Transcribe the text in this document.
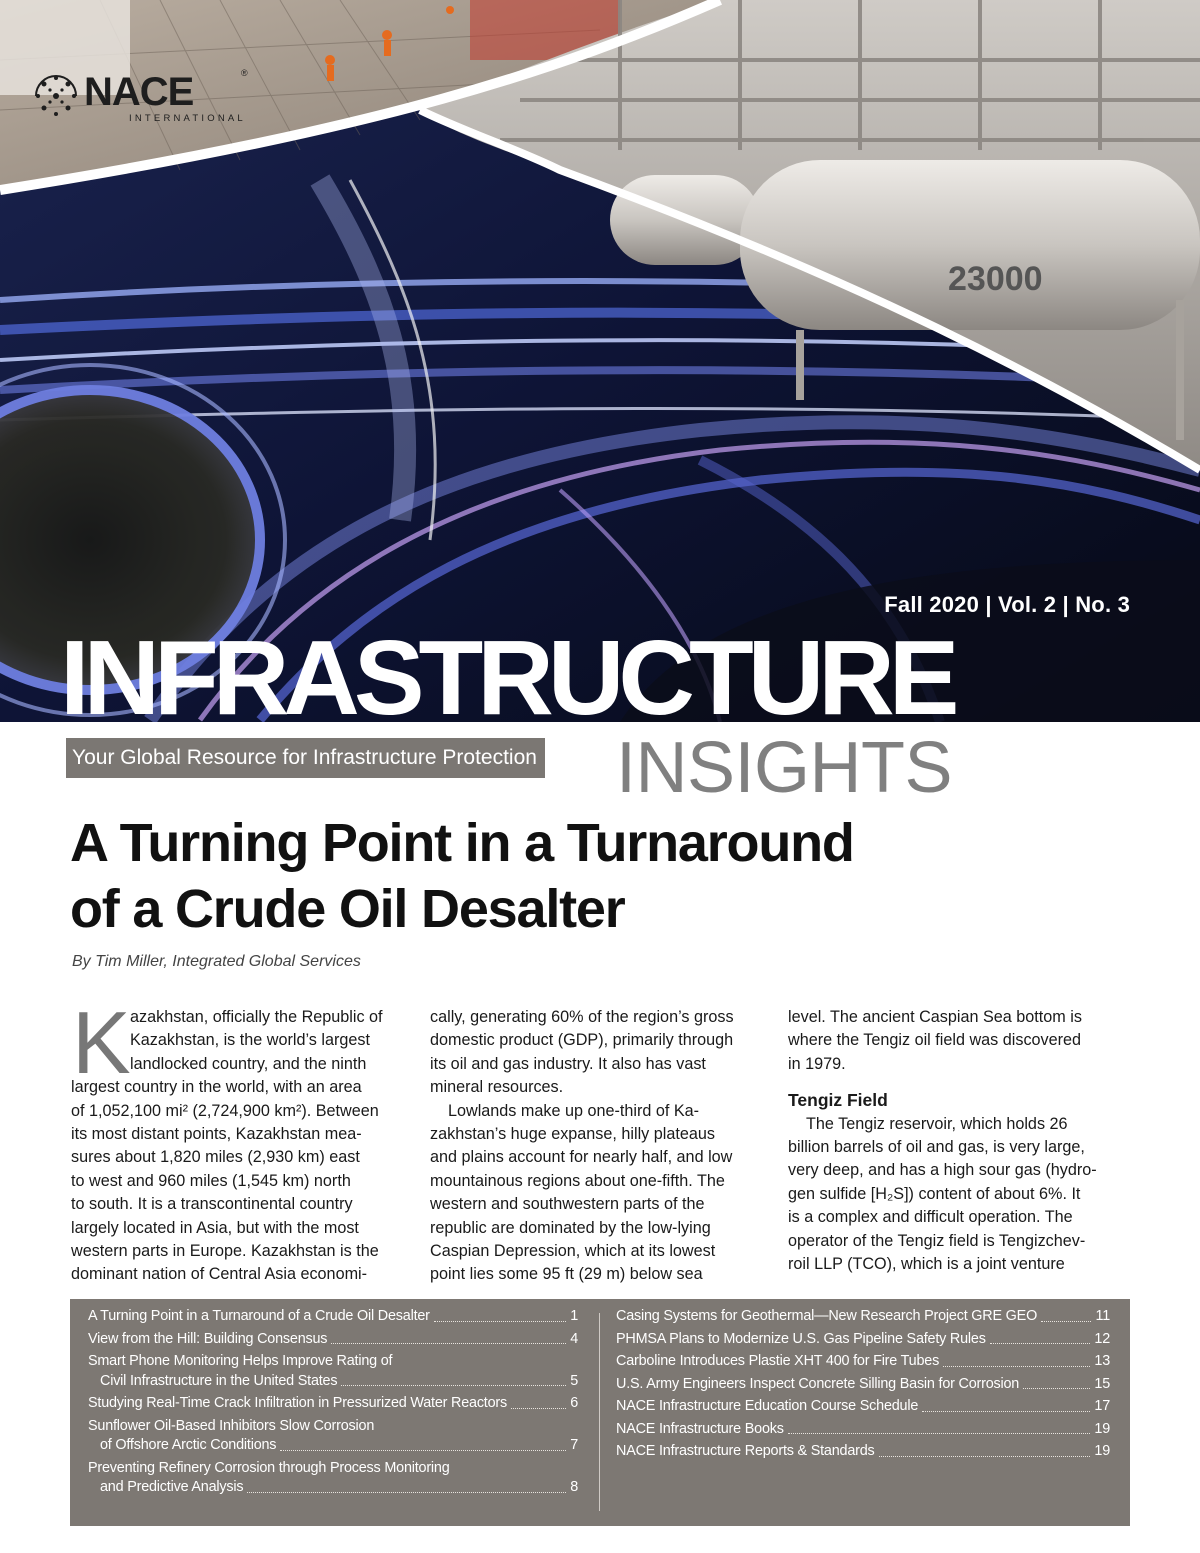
23000
NACE	®
INTERNATIONAL
Fall 2020 | Vol. 2 | No. 3
INFRASTRUCTURE
Your Global Resource for Infrastructure Protection INSIGHTS
A Turning Point in a Turnaround
of a Crude Oil Desalter
By Tim Miller, Integrated Global Services
K azakhstan, officially the Republic of
Kazakhstan, is the world’s largest
landlocked country, and the ninth
largest country in the world, with an area
of 1,052,100 mi² (2,724,900 km²). Between
its most distant points, Kazakhstan mea-
sures about 1,820 miles (2,930 km) east
to west and 960 miles (1,545 km) north
to south. It is a transcontinental country
largely located in Asia, but with the most
western parts in Europe. Kazakhstan is the
dominant nation of Central Asia economi-
cally, generating 60% of the region’s gross
domestic product (GDP), primarily through
its oil and gas industry. It also has vast
mineral resources.
Lowlands make up one-third of Ka-
zakhstan’s huge expanse, hilly plateaus
and plains account for nearly half, and low
mountainous regions about one-fifth. The
western and southwestern parts of the
republic are dominated by the low-lying
Caspian Depression, which at its lowest
point lies some 95 ft (29 m) below sea
level. The ancient Caspian Sea bottom is
where the Tengiz oil field was discovered
in 1979.
Tengiz Field
The Tengiz reservoir, which holds 26
billion barrels of oil and gas, is very large,
very deep, and has a high sour gas (hydro-
gen sulfide [H₂S]) content of about 6%. It
is a complex and difficult operation. The
operator of the Tengiz field is Tengizchev-
roil LLP (TCO), which is a joint venture
A Turning Point in a Turnaround of a Crude Oil Desalter	1
View from the Hill: Building Consensus	4
Smart Phone Monitoring Helps Improve Rating of
Civil Infrastructure in the United States	5
Studying Real-Time Crack Infiltration in Pressurized Water Reactors	6
Sunflower Oil-Based Inhibitors Slow Corrosion
of Offshore Arctic Conditions	7
Preventing Refinery Corrosion through Process Monitoring
and Predictive Analysis	8
Casing Systems for Geothermal—New Research Project GRE GEO	11
PHMSA Plans to Modernize U.S. Gas Pipeline Safety Rules	12
Carboline Introduces Plastie XHT 400 for Fire Tubes	13
U.S. Army Engineers Inspect Concrete Silling Basin for Corrosion	15
NACE Infrastructure Education Course Schedule	17
NACE Infrastructure Books	19
NACE Infrastructure Reports & Standards	19
